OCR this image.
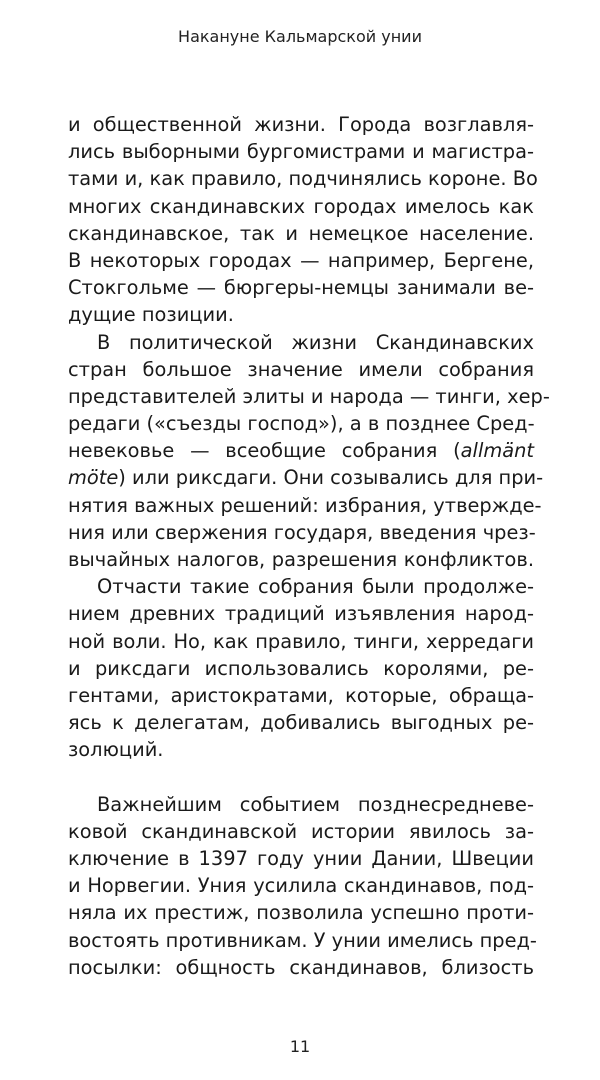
Накануне Кальмарской унии
и общественной жизни. Города возглавля-
лись выборными бургомистрами и магистра-
тами и, как правило, подчинялись короне. Во
многих скандинавских городах имелось как
скандинавское, так и немецкое население.
В некоторых городах — например, Бергене,
Стокгольме — бюргеры-немцы занимали ве-
дущие позиции.
В политической жизни Скандинавских
стран большое значение имели собрания
представителей элиты и народа — тинги, хер-
редаги («съезды господ»), а в позднее Сред-
невековье — всеобщие собрания (allmänt
möte) или риксдаги. Они созывались для при-
нятия важных решений: избрания, утвержде-
ния или свержения государя, введения чрез-
вычайных налогов, разрешения конфликтов.
Отчасти такие собрания были продолже-
нием древних традиций изъявления народ-
ной воли. Но, как правило, тинги, херредаги
и риксдаги использовались королями, ре-
гентами, аристократами, которые, обраща-
ясь к делегатам, добивались выгодных ре-
золюций.
Важнейшим событием позднесредневе-
ковой скандинавской истории явилось за-
ключение в 1397 году унии Дании, Швеции
и Норвегии. Уния усилила скандинавов, под-
няла их престиж, позволила успешно проти-
востоять противникам. У унии имелись пред-
посылки: общность скандинавов, близость
11
